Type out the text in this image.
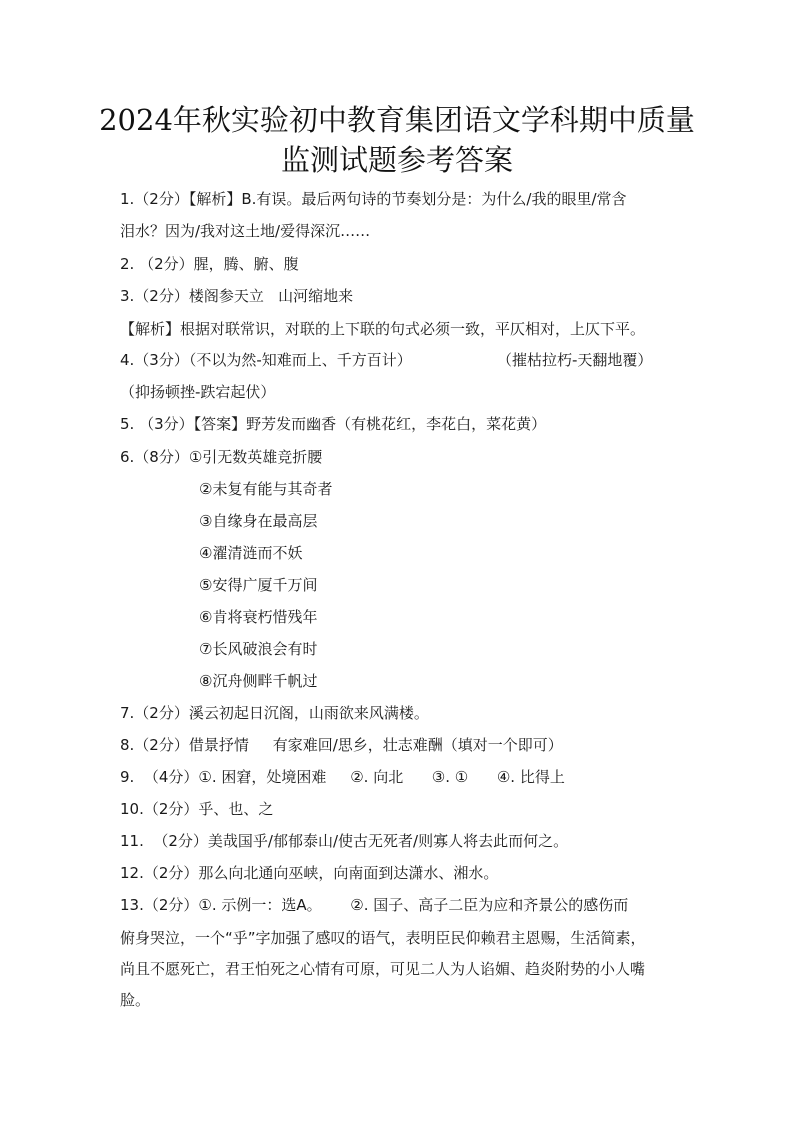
2024年秋实验初中教育集团语文学科期中质量
监测试题参考答案
1.（2分）【解析】B.有误。最后两句诗的节奏划分是：为什么/我的眼里/常含
泪水？因为/我对这土地/爱得深沉……
2. （2分）腥，腾、腑、腹
3.（2分）楼阁参天立   山河缩地来
【解析】根据对联常识，对联的上下联的句式必须一致，平仄相对，上仄下平。
4.（3分）（不以为然-知难而上、千方百计）	（摧枯拉朽-天翻地覆）
（抑扬顿挫-跌宕起伏）
5. （3分）【答案】野芳发而幽香（有桃花红，李花白，菜花黄）
6.（8分）①引无数英雄竞折腰
②未复有能与其奇者
③自缘身在最高层
④濯清涟而不妖
⑤安得广厦千万间
⑥肯将衰朽惜残年
⑦长风破浪会有时
⑧沉舟侧畔千帆过
7.（2分）溪云初起日沉阁，山雨欲来风满楼。
8.（2分）借景抒情     有家难回/思乡，壮志难酬（填对一个即可）
9.  （4分）①. 困窘，处境困难     ②. 向北      ③. ①      ④. 比得上
10.（2分）乎、也、之
11.  （2分）美哉国乎/郁郁泰山/使古无死者/则寡人将去此而何之。
12.（2分）那么向北通向巫峡，向南面到达潇水、湘水。
13.（2分）①. 示例一：选A。      ②. 国子、高子二臣为应和齐景公的感伤而
俯身哭泣，一个“乎”字加强了感叹的语气，表明臣民仰赖君主恩赐，生活简素，
尚且不愿死亡，君王怕死之心情有可原，可见二人为人谄媚、趋炎附势的小人嘴
脸。
